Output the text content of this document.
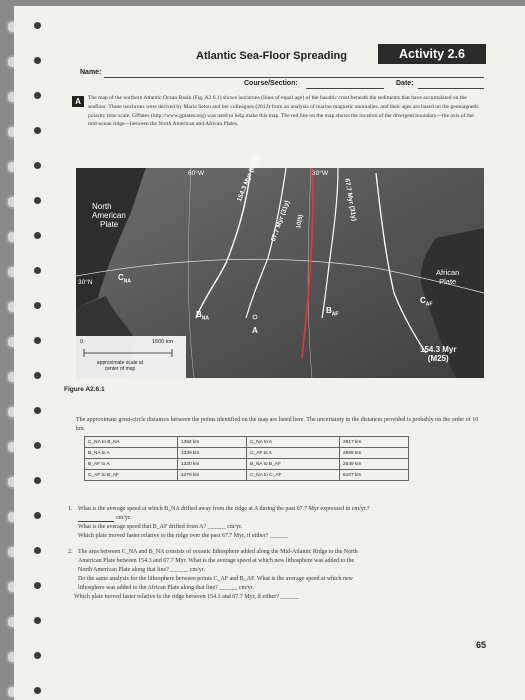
Atlantic Sea-Floor Spreading	Activity 2.6
Name:
Course/Section:	Date:
A	The map of the northern Atlantic Ocean Basin (Fig. A2.6.1) shows isochrons (lines of equal age) of the basaltic crust beneath the sediments that have accumulated on the seafloor. These isochrons were derived by Maria Seton and her colleagues (2012) from an analysis of marine magnetic anomalies, and their ages are based on the geomagnetic polarity time scale. GPlates (http://www.gplates.org) was used to help make this map. The red line on the map shows the location of the divergent boundary—the axis of the mid-ocean ridge—between the North American and African Plates.
60°W	30°W
30°N
North
American
Plate
African
Plate
154.3 Myr (M25)
67.7 Myr (31y)
10(5)
67.7 Myr (31y)
$C_{NA}$
$C_{AF}$
$B_{NA}$
$B_{AF}$
A
0	1500 km
approximate scale at
center of map
154.3 Myr
(M25)
Figure A2.6.1
The approximate great-circle distances between the points identified on the map are listed here. The uncertainty in the distances provided is probably on the order of 10 km.
C_NA to B_NA	1354 km	C_NA to A	2617 km
B_NA to A	1339 km	C_AF to A	2599 km
B_AF to A	1320 km	B_NA to B_AF	2649 km
C_AF to B_AF	1279 km	C_NA to C_AF	5107 km
1. What is the average speed at which B_NA drifted away from the ridge at A during the past 67.7 Myr expressed in cm/yr.?
cm/yr.
What is the average speed that B_AF drifted from A? ______ cm/yr.
Which plate moved faster relative to the ridge over the past 67.7 Myr, if either? ______
2. The area between C_NA and B_NA consists of oceanic lithosphere added along the Mid-Atlantic Ridge to the North
American Plate between 154.3 and 67.7 Myr. What is the average speed at which new lithosphere was added to the
North American Plate along that line? ______ cm/yr.
Do the same analysis for the lithosphere between points C_AF and B_AF. What is the average speed at which new
lithosphere was added to the African Plate along that line? ______ cm/yr.
Which plate moved faster relative to the ridge between 154.3 and 67.7 Myr, if either? ______
65
